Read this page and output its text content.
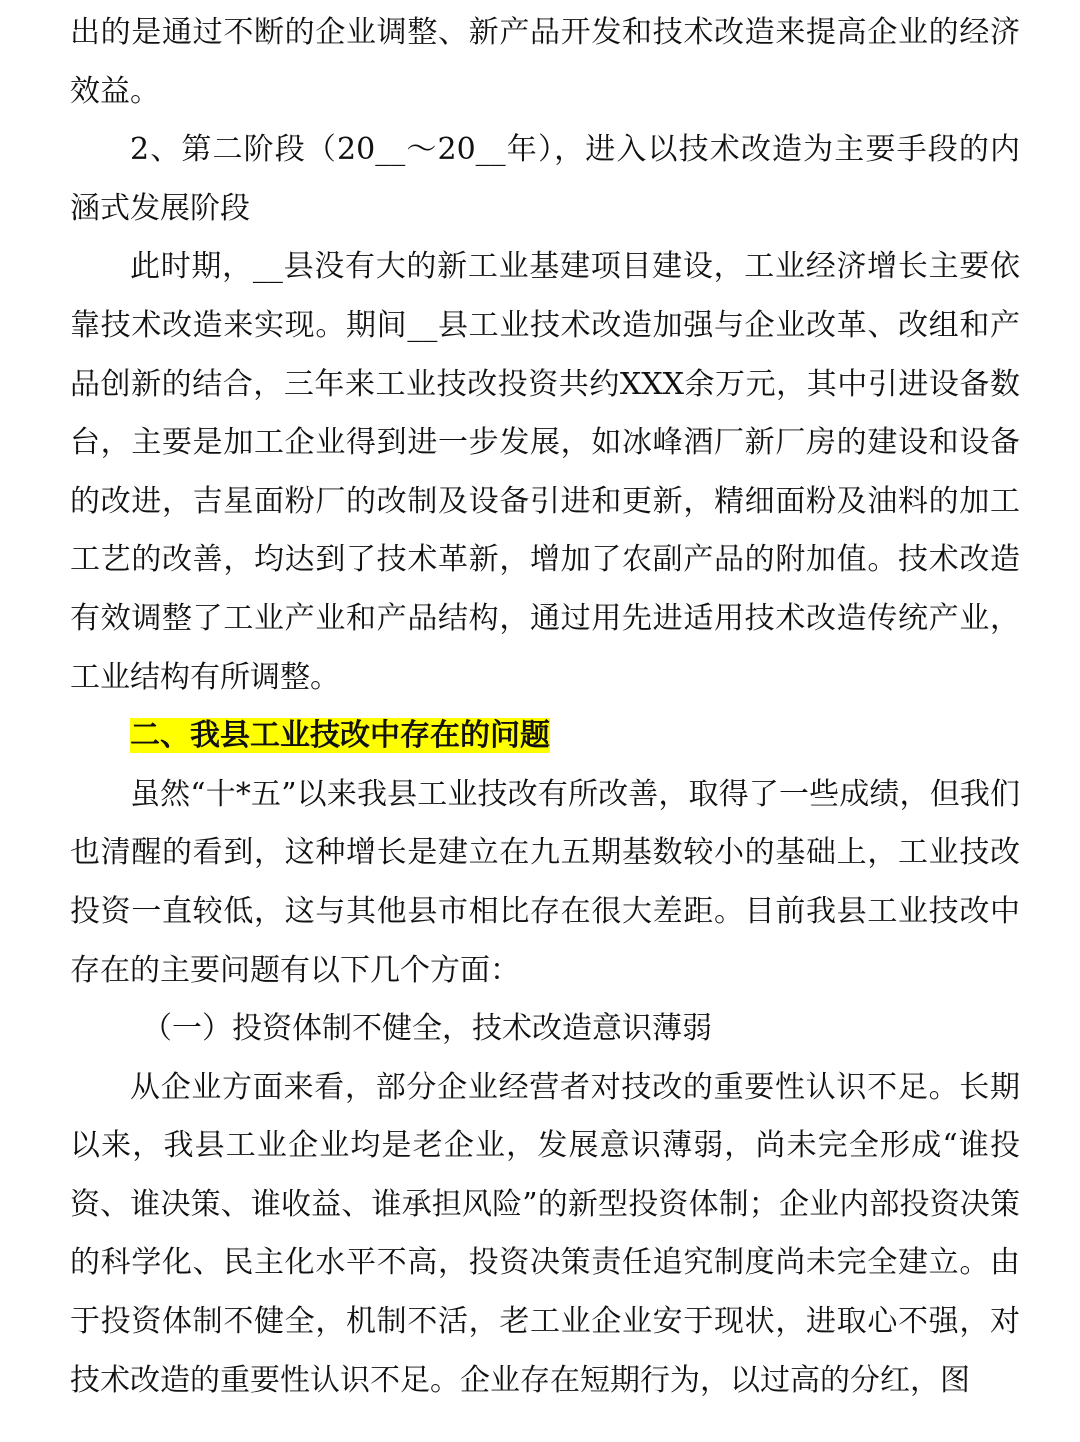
出的是通过不断的企业调整、新产品开发和技术改造来提高企业的经济效益。

2、第二阶段（20__～20__年），进入以技术改造为主要手段的内涵式发展阶段

此时期，__县没有大的新工业基建项目建设，工业经济增长主要依靠技术改造来实现。期间__县工业技术改造加强与企业改革、改组和产品创新的结合，三年来工业技改投资共约XXX余万元，其中引进设备数台，主要是加工企业得到进一步发展，如冰峰酒厂新厂房的建设和设备的改进，吉星面粉厂的改制及设备引进和更新，精细面粉及油料的加工工艺的改善，均达到了技术革新，增加了农副产品的附加值。技术改造有效调整了工业产业和产品结构，通过用先进适用技术改造传统产业，工业结构有所调整。

二、我县工业技改中存在的问题

虽然“十*五”以来我县工业技改有所改善，取得了一些成绩，但我们也清醒的看到，这种增长是建立在九五期基数较小的基础上，工业技改投资一直较低，这与其他县市相比存在很大差距。目前我县工业技改中存在的主要问题有以下几个方面：

（一）投资体制不健全，技术改造意识薄弱

从企业方面来看，部分企业经营者对技改的重要性认识不足。长期以来，我县工业企业均是老企业，发展意识薄弱，尚未完全形成“谁投资、谁决策、谁收益、谁承担风险”的新型投资体制；企业内部投资决策的科学化、民主化水平不高，投资决策责任追究制度尚未完全建立。由于投资体制不健全，机制不活，老工业企业安于现状，进取心不强，对技术改造的重要性认识不足。企业存在短期行为，以过高的分红，图
